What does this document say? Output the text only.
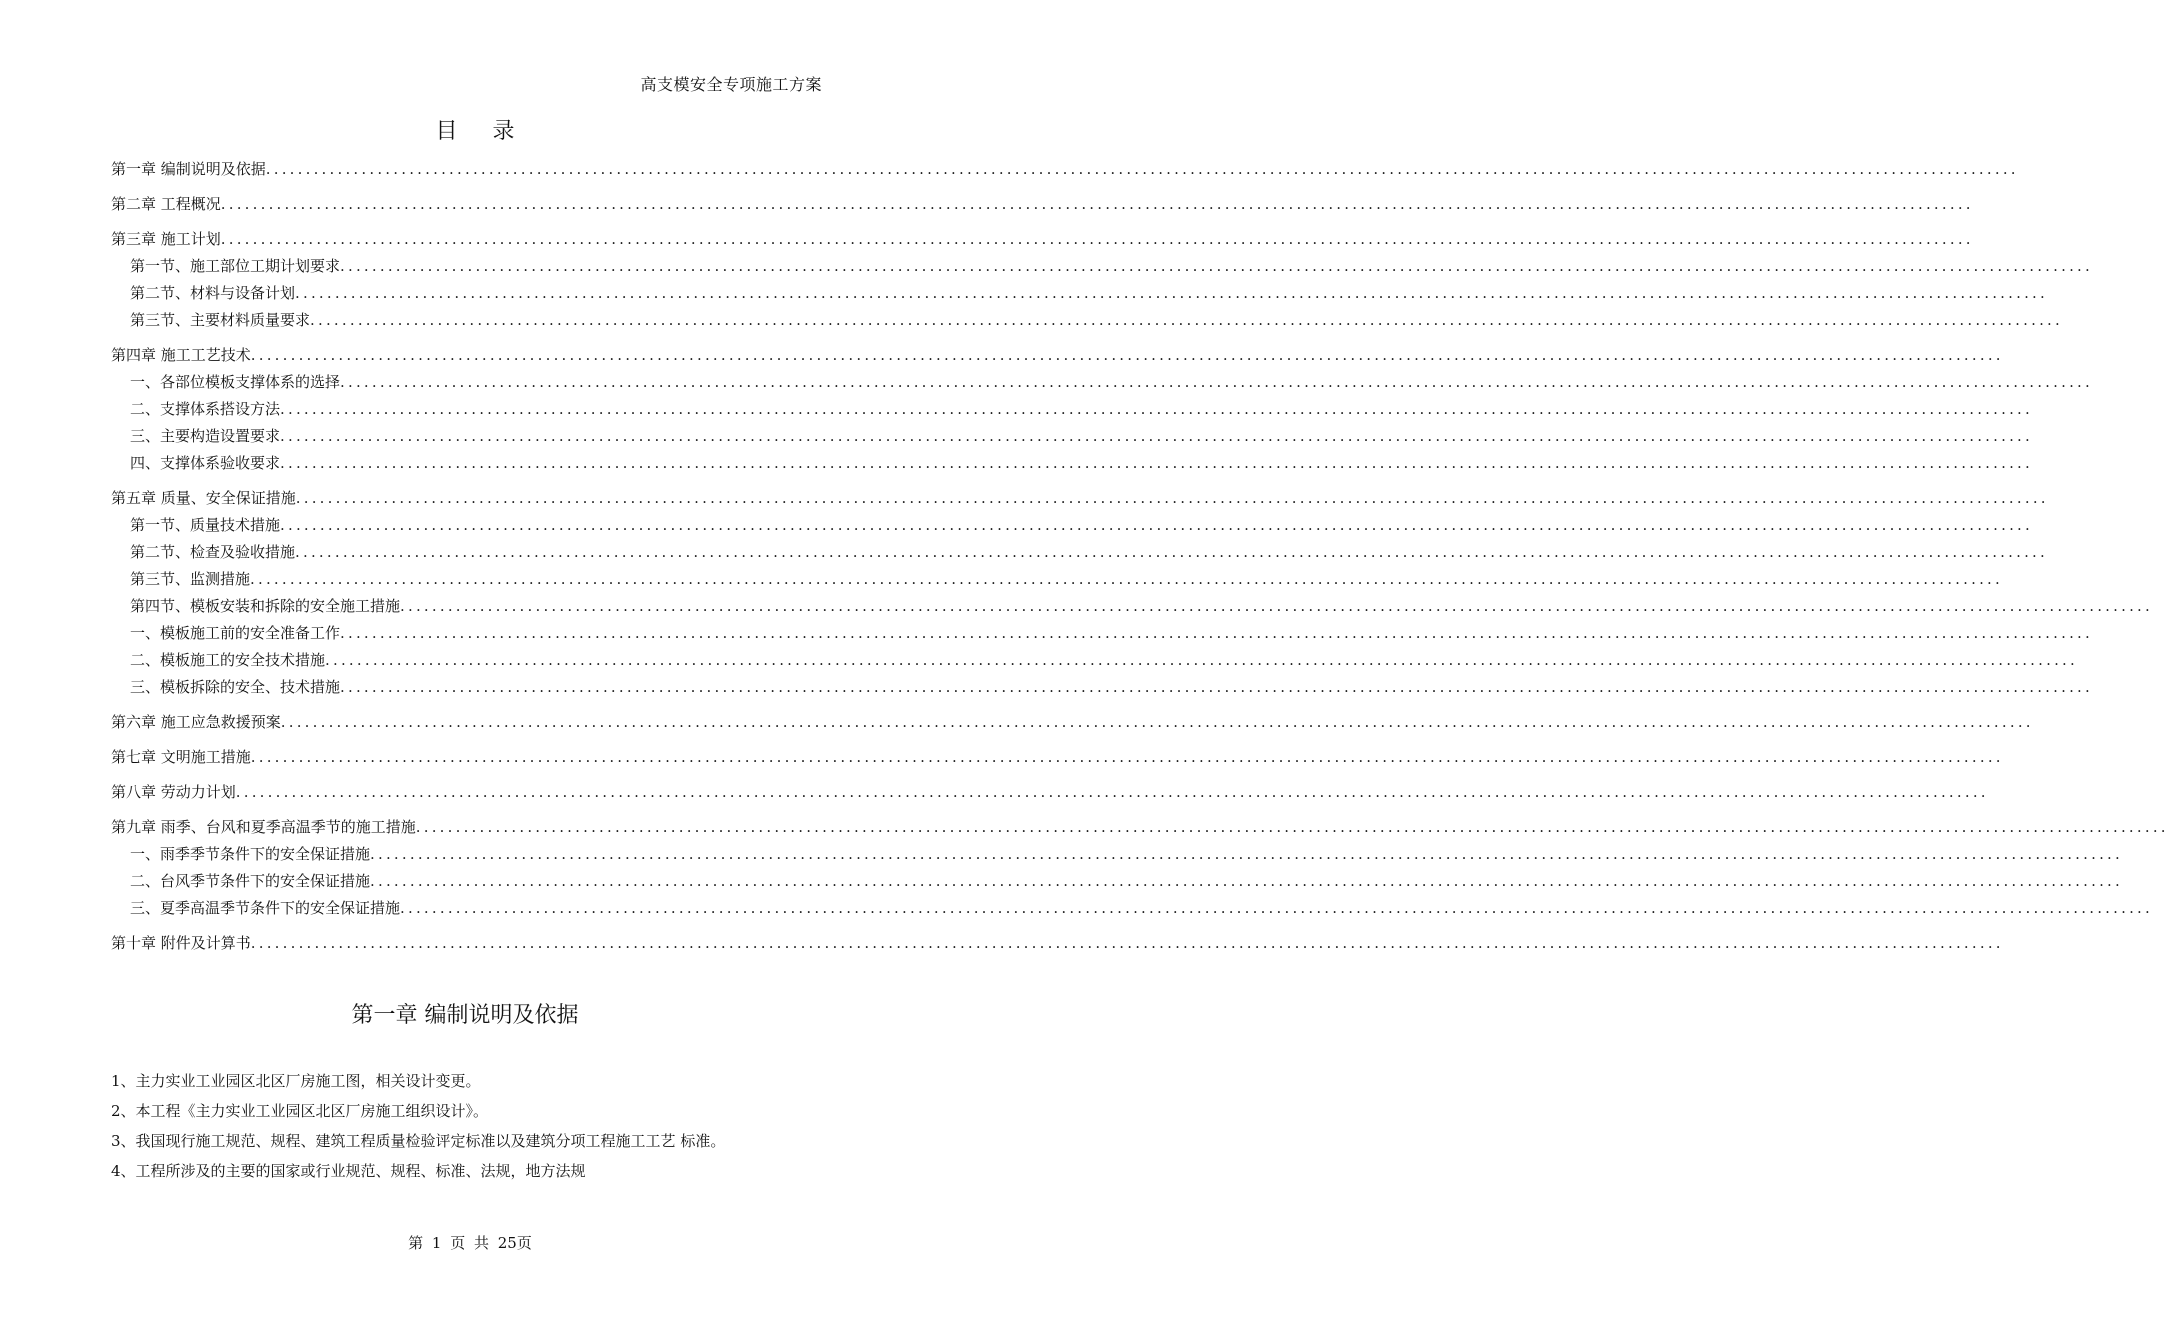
高支模安全专项施工方案
目 录
第一章 编制说明及依据............................................................................................................................................................................................................................
第二章 工程概况............................................................................................................................................................................................................................
第三章 施工计划............................................................................................................................................................................................................................
第一节、施工部位工期计划要求............................................................................................................................................................................................................................
第二节、材料与设备计划............................................................................................................................................................................................................................
第三节、主要材料质量要求............................................................................................................................................................................................................................
第四章 施工工艺技术............................................................................................................................................................................................................................
一、各部位模板支撑体系的选择............................................................................................................................................................................................................................
二、支撑体系搭设方法............................................................................................................................................................................................................................
三、主要构造设置要求............................................................................................................................................................................................................................
四、支撑体系验收要求............................................................................................................................................................................................................................
第五章 质量、安全保证措施............................................................................................................................................................................................................................
第一节、质量技术措施............................................................................................................................................................................................................................
第二节、检查及验收措施............................................................................................................................................................................................................................
第三节、监测措施............................................................................................................................................................................................................................
第四节、模板安装和拆除的安全施工措施............................................................................................................................................................................................................................
一、模板施工前的安全准备工作............................................................................................................................................................................................................................
二、模板施工的安全技术措施............................................................................................................................................................................................................................
三、模板拆除的安全、技术措施............................................................................................................................................................................................................................
第六章 施工应急救援预案............................................................................................................................................................................................................................
第七章 文明施工措施............................................................................................................................................................................................................................
第八章 劳动力计划............................................................................................................................................................................................................................
第九章 雨季、台风和夏季高温季节的施工措施............................................................................................................................................................................................................................
一、雨季季节条件下的安全保证措施............................................................................................................................................................................................................................
二、台风季节条件下的安全保证措施............................................................................................................................................................................................................................
三、夏季高温季节条件下的安全保证措施............................................................................................................................................................................................................................
第十章 附件及计算书............................................................................................................................................................................................................................
第一章 编制说明及依据
1、主力实业工业园区北区厂房施工图，相关设计变更。
2、本工程《主力实业工业园区北区厂房施工组织设计》。
3、我国现行施工规范、规程、建筑工程质量检验评定标准以及建筑分项工程施工工艺 标准。
4、工程所涉及的主要的国家或行业规范、规程、标准、法规，地方法规
第 1 页 共 25页
